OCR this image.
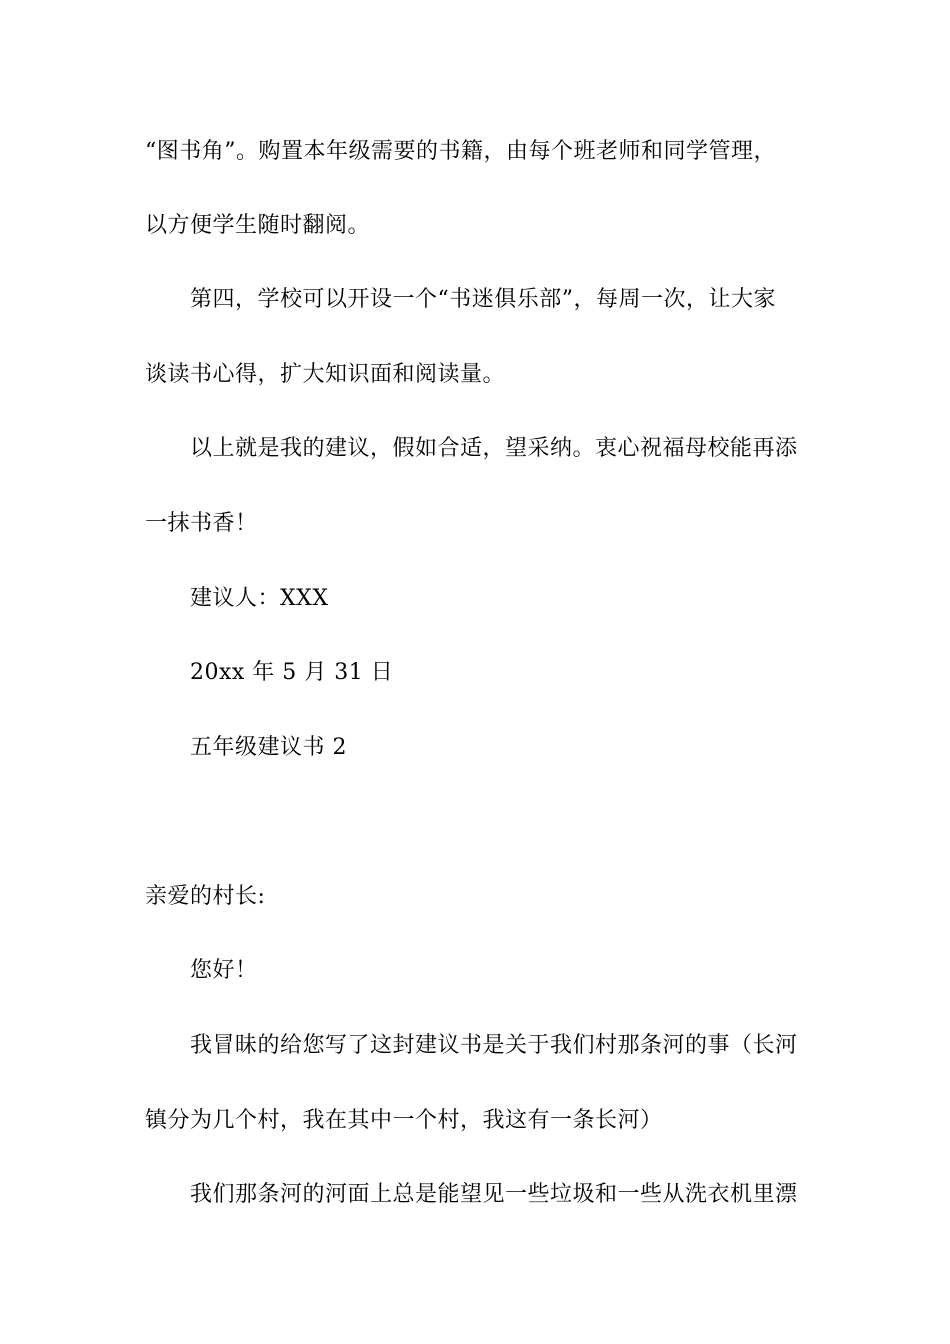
“图书角”。购置本年级需要的书籍，由每个班老师和同学管理，
以方便学生随时翻阅。
第四，学校可以开设一个“书迷俱乐部”，每周一次，让大家
谈读书心得，扩大知识面和阅读量。
以上就是我的建议，假如合适，望采纳。衷心祝福母校能再添
一抹书香！
建议人：XXX
20xx 年 5 月 31 日
五年级建议书 2
亲爱的村长:
您好！
我冒昧的给您写了这封建议书是关于我们村那条河的事（长河
镇分为几个村，我在其中一个村，我这有一条长河）
我们那条河的河面上总是能望见一些垃圾和一些从洗衣机里漂
